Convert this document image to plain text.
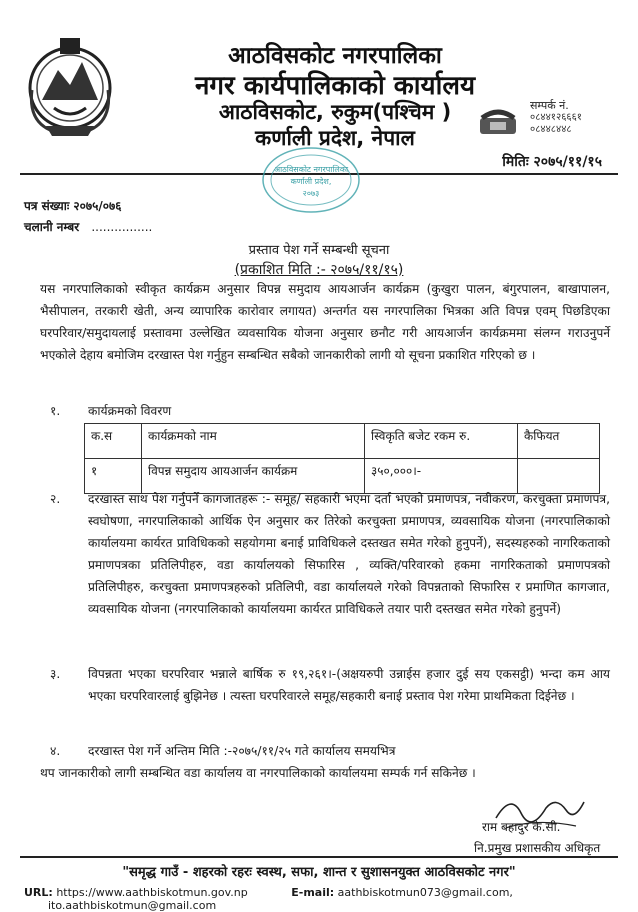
आठविसकोट नगरपालिका
नगर कार्यपालिकाको कार्यालय
आठविसकोट, रुकुम(पश्चिम )
कर्णाली प्रदेश, नेपाल
सम्पर्क नं.
०८४४१२६६६१
०८४४८४४८
मितिः २०७५/११/१५
आठविसकोट नगरपालिका
कर्णाली प्रदेश,
२०७३
पत्र संख्याः २०७५/०७६
चलानी नम्बर ................
प्रस्ताव पेश गर्ने सम्बन्धी सूचना
(प्रकाशित मिति :- २०७५/११/१५)
यस नगरपालिकाको स्वीकृत कार्यक्रम अनुसार विपन्न समुदाय आयआर्जन कार्यक्रम (कुखुरा पालन, बंगुरपालन, बाखापालन, भैसीपालन, तरकारी खेती, अन्य व्यापारिक कारोवार लगायत) अन्तर्गत यस नगरपालिका भित्रका अति विपन्न एवम् पिछडिएका घरपरिवार/समुदायलाई प्रस्तावमा उल्लेखित व्यवसायिक योजना अनुसार छनौट गरी आयआर्जन कार्यक्रममा संलग्न गराउनुपर्ने भएकोले देहाय बमोजिम दरखास्त पेश गर्नुहुन सम्बन्धित सबैको जानकारीको लागी यो सूचना प्रकाशित गरिएको छ ।
१.	कार्यक्रमको विवरण
क.स	कार्यक्रमको नाम	स्विकृति बजेट रकम रु.	कैफियत
१	विपन्न समुदाय आयआर्जन कार्यक्रम	३५०,०००।-	
२.	दरखास्त साथ पेश गर्नुपर्ने कागजातहरू :- समूह/ सहकारी भएमा दर्ता भएको प्रमाणपत्र, नवीकरण, करचुक्ता प्रमाणपत्र, स्वघोषणा, नगरपालिकाको आर्थिक ऐन अनुसार कर तिरेको करचुक्ता प्रमाणपत्र, व्यवसायिक योजना (नगरपालिकाको कार्यालयमा कार्यरत प्राविधिकको सहयोगमा बनाई प्राविधिकले दस्तखत समेत गरेको हुनुपर्ने), सदस्यहरुको नागरिकताको प्रमाणपत्रका प्रतिलिपीहरु, वडा कार्यालयको सिफारिस , व्यक्ति/परिवारको हकमा नागरिकताको प्रमाणपत्रको प्रतिलिपीहरु, करचुक्ता प्रमाणपत्रहरुको प्रतिलिपी, वडा कार्यालयले गरेको विपन्नताको सिफारिस र प्रमाणित कागजात, व्यवसायिक योजना (नगरपालिकाको कार्यालयमा कार्यरत प्राविधिकले तयार पारी दस्तखत समेत गरेको हुनुपर्ने)
३.	विपन्नता भएका घरपरिवार भन्नाले बार्षिक रु १९,२६१।-(अक्षयरुपी उन्नाईस हजार दुई सय एकसट्ठी) भन्दा कम आय भएका घरपरिवारलाई बुझिनेछ । त्यस्ता घरपरिवारले समूह/सहकारी बनाई प्रस्ताव पेश गरेमा प्राथमिकता दिईनेछ ।
४.	दरखास्त पेश गर्ने अन्तिम मिति :-२०७५/११/२५ गते कार्यालय समयभित्र
थप जानकारीको लागी सम्बन्धित वडा कार्यालय वा नगरपालिकाको कार्यालयमा सम्पर्क गर्न सकिनेछ ।
राम बहादुर के.सी.
नि.प्रमुख प्रशासकीय अधिकृत
"समृद्ध गाउँ - शहरको रहरः स्वस्थ, सफा, शान्त र सुशासनयुक्त आठविसकोट नगर"
URL: https://www.aathbiskotmun.gov.np	E-mail: aathbiskotmun073@gmail.com, ito.aathbiskotmun@gmail.com
